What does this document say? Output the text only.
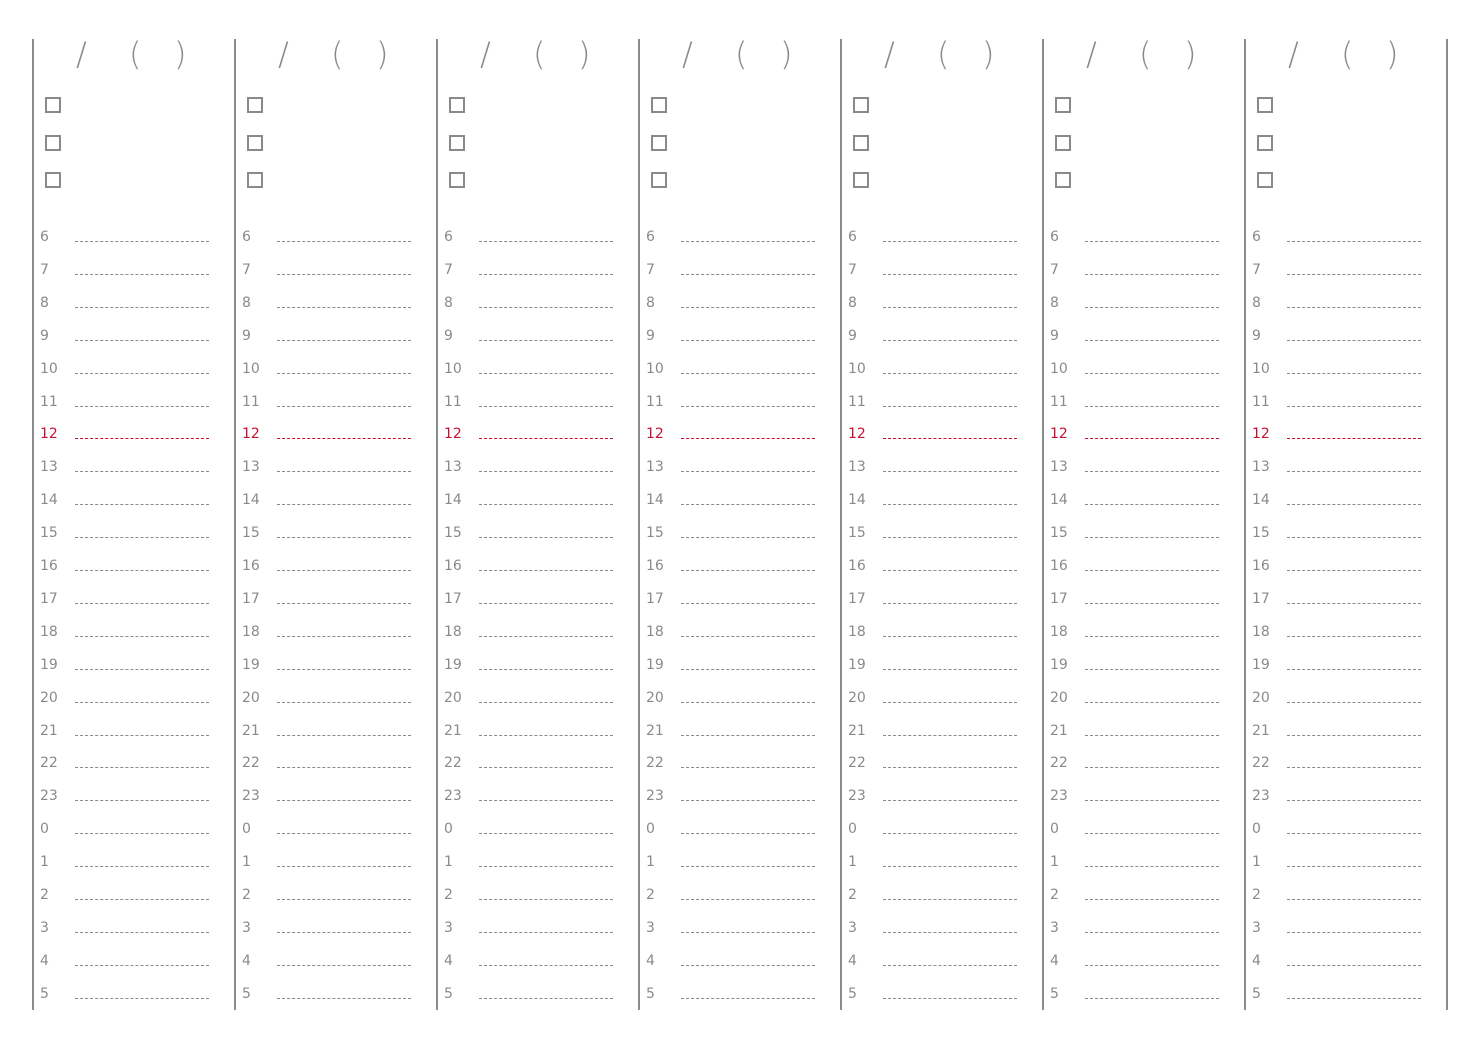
/ ( )
6
7
8
9
10
11
12
13
14
15
16
17
18
19
20
21
22
23
0
1
2
3
4
5
/ ( )
6
7
8
9
10
11
12
13
14
15
16
17
18
19
20
21
22
23
0
1
2
3
4
5
/ ( )
6
7
8
9
10
11
12
13
14
15
16
17
18
19
20
21
22
23
0
1
2
3
4
5
/ ( )
6
7
8
9
10
11
12
13
14
15
16
17
18
19
20
21
22
23
0
1
2
3
4
5
/ ( )
6
7
8
9
10
11
12
13
14
15
16
17
18
19
20
21
22
23
0
1
2
3
4
5
/ ( )
6
7
8
9
10
11
12
13
14
15
16
17
18
19
20
21
22
23
0
1
2
3
4
5
/ ( )
6
7
8
9
10
11
12
13
14
15
16
17
18
19
20
21
22
23
0
1
2
3
4
5
